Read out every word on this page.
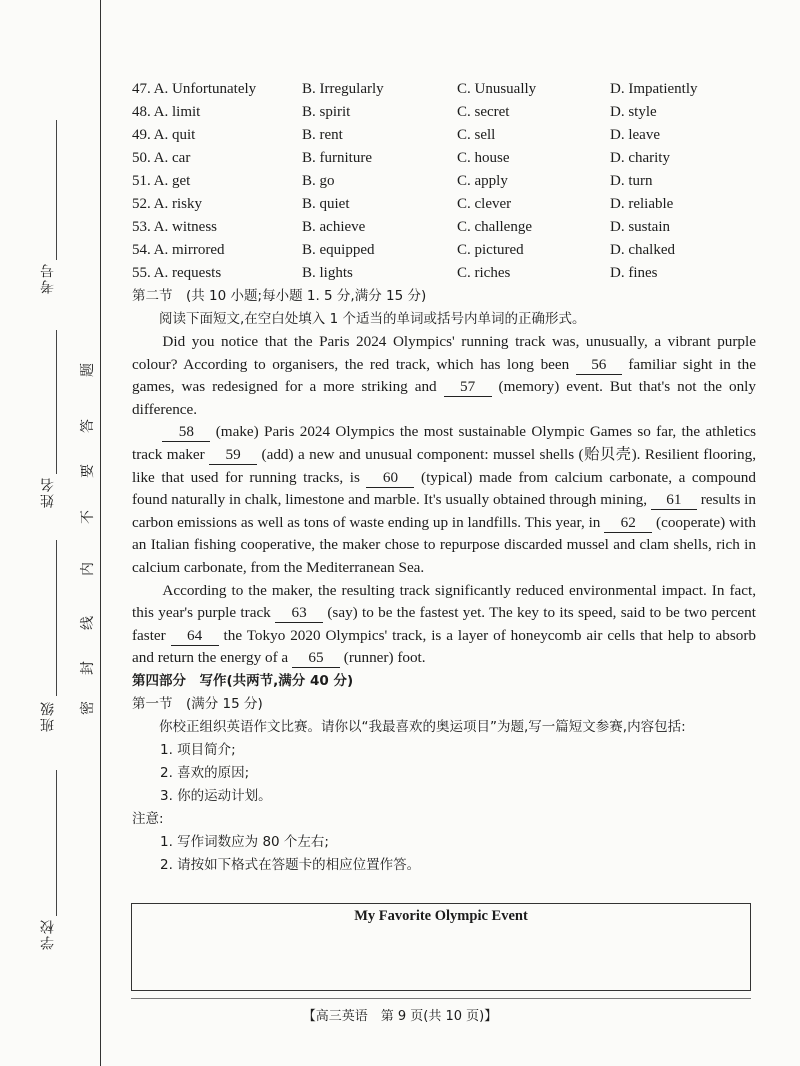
考号
姓名
班级
学校
题
答
要
不
内
线
封
密
47. A. Unfortunately	B. Irregularly	C. Unusually	D. Impatiently
48. A. limit	B. spirit	C. secret	D. style
49. A. quit	B. rent	C. sell	D. leave
50. A. car	B. furniture	C. house	D. charity
51. A. get	B. go	C. apply	D. turn
52. A. risky	B. quiet	C. clever	D. reliable
53. A. witness	B. achieve	C. challenge	D. sustain
54. A. mirrored	B. equipped	C. pictured	D. chalked
55. A. requests	B. lights	C. riches	D. fines
第二节　(共 10 小题;每小题 1. 5 分,满分 15 分)
阅读下面短文,在空白处填入 1 个适当的单词或括号内单词的正确形式。

Did you notice that the Paris 2024 Olympics' running track was, unusually, a vibrant purple colour? According to organisers, the red track, which has long been 56 familiar sight in the games, was redesigned for a more striking and 57 (memory) event. But that's not the only difference.

58 (make) Paris 2024 Olympics the most sustainable Olympic Games so far, the athletics track maker 59 (add) a new and unusual component: mussel shells (贻贝壳). Resilient flooring, like that used for running tracks, is 60 (typical) made from calcium carbonate, a compound found naturally in chalk, limestone and marble. It's usually obtained through mining, 61 results in carbon emissions as well as tons of waste ending up in landfills. This year, in 62 (cooperate) with an Italian fishing cooperative, the maker chose to repurpose discarded mussel and clam shells, rich in calcium carbonate, from the Mediterranean Sea.

According to the maker, the resulting track significantly reduced environmental impact. In fact, this year's purple track 63 (say) to be the fastest yet. The key to its speed, said to be two percent faster 64 the Tokyo 2020 Olympics' track, is a layer of honeycomb air cells that help to absorb and return the energy of a 65 (runner) foot.

第四部分　写作(共两节,满分 40 分)
第一节　(满分 15 分)
你校正组织英语作文比赛。请你以“我最喜欢的奥运项目”为题,写一篇短文参赛,内容包括:
1. 项目简介;
2. 喜欢的原因;
3. 你的运动计划。
注意:
1. 写作词数应为 80 个左右;
2. 请按如下格式在答题卡的相应位置作答。
My Favorite Olympic Event
【高三英语　第 9 页(共 10 页)】
